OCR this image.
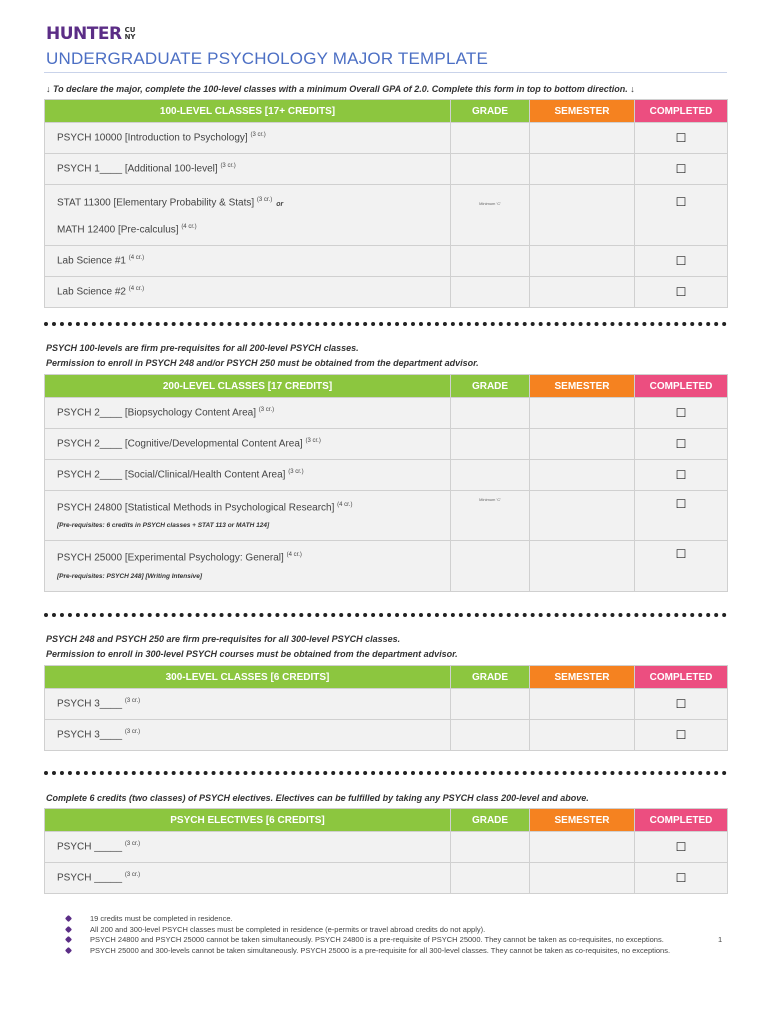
HUNTER CUNY
UNDERGRADUATE PSYCHOLOGY MAJOR TEMPLATE
↓ To declare the major, complete the 100-level classes with a minimum Overall GPA of 2.0. Complete this form in top to bottom direction. ↓
100-LEVEL CLASSES [17+ CREDITS]	GRADE	SEMESTER	COMPLETED
PSYCH 10000 [Introduction to Psychology] $^{(3 cr.)}$			☐
PSYCH 1____ [Additional 100-level] $^{(3 cr.)}$			☐
STAT 11300 [Elementary Probability & Stats] $^{(3 cr.)}$or
MATH 12400 [Pre-calculus] $^{(4 cr.)}$	Minimum 'C'		☐
Lab Science #1 $^{(4 cr.)}$			☐
Lab Science #2 $^{(4 cr.)}$			☐
PSYCH 100-levels are firm pre-requisites for all 200-level PSYCH classes.
Permission to enroll in PSYCH 248 and/or PSYCH 250 must be obtained from the department advisor.
200-LEVEL CLASSES [17 CREDITS]	GRADE	SEMESTER	COMPLETED
PSYCH 2____ [Biopsychology Content Area] $^{(3 cr.)}$			☐
PSYCH 2____ [Cognitive/Developmental Content Area] $^{(3 cr.)}$			☐
PSYCH 2____ [Social/Clinical/Health Content Area] $^{(3 cr.)}$			☐
PSYCH 24800 [Statistical Methods in Psychological Research] $^{(4 cr.)}$
[Pre-requisites: 6 credits in PSYCH classes + STAT 113 or MATH 124]	Minimum 'C'		☐
PSYCH 25000 [Experimental Psychology: General] $^{(4 cr.)}$
[Pre-requisites: PSYCH 248] [Writing Intensive]			☐
PSYCH 248 and PSYCH 250 are firm pre-requisites for all 300-level PSYCH classes.
Permission to enroll in 300-level PSYCH courses must be obtained from the department advisor.
300-LEVEL CLASSES [6 CREDITS]	GRADE	SEMESTER	COMPLETED
PSYCH 3____ $^{(3 cr.)}$			☐
PSYCH 3____ $^{(3 cr.)}$			☐
Complete 6 credits (two classes) of PSYCH electives. Electives can be fulfilled by taking any PSYCH class 200-level and above.
PSYCH ELECTIVES [6 CREDITS]	GRADE	SEMESTER	COMPLETED
PSYCH _____ $^{(3 cr.)}$			☐
PSYCH _____ $^{(3 cr.)}$			☐
19 credits must be completed in residence.
All 200 and 300-level PSYCH classes must be completed in residence (e-permits or travel abroad credits do not apply).
PSYCH 24800 and PSYCH 25000 cannot be taken simultaneously. PSYCH 24800 is a pre-requisite of PSYCH 25000. They cannot be taken as co-requisites, no exceptions.
PSYCH 25000 and 300-levels cannot be taken simultaneously. PSYCH 25000 is a pre-requisite for all 300-level classes. They cannot be taken as co-requisites, no exceptions.
1
